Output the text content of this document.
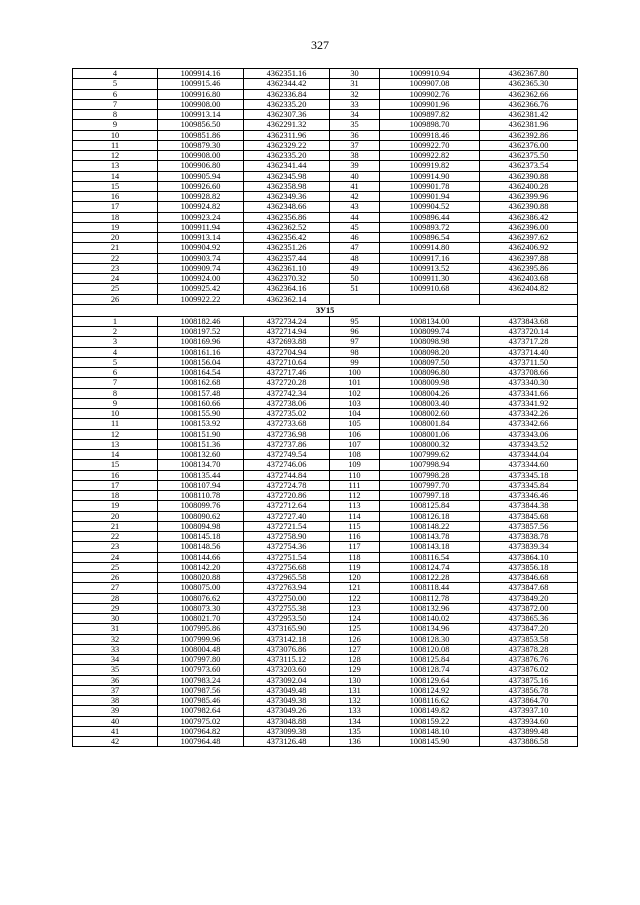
327
4	1009914.16	4362351.16	30	1009910.94	4362367.80
5	1009915.46	4362344.42	31	1009907.08	4362365.30
6	1009916.80	4362336.84	32	1009902.76	4362362.66
7	1009908.00	4362335.20	33	1009901.96	4362366.76
8	1009913.14	4362307.36	34	1009897.82	4362381.42
9	1009856.50	4362291.32	35	1009898.70	4362381.96
10	1009851.86	4362311.96	36	1009918.46	4362392.86
11	1009879.30	4362329.22	37	1009922.70	4362376.00
12	1009908.00	4362335.20	38	1009922.82	4362375.50
13	1009906.80	4362341.44	39	1009919.82	4362373.54
14	1009905.94	4362345.98	40	1009914.90	4362390.88
15	1009926.60	4362358.98	41	1009901.78	4362400.28
16	1009928.82	4362349.36	42	1009901.94	4362399.96
17	1009924.82	4362348.66	43	1009904.52	4362390.88
18	1009923.24	4362356.86	44	1009896.44	4362386.42
19	1009911.94	4362362.52	45	1009893.72	4362396.00
20	1009913.14	4362356.42	46	1009896.54	4362397.62
21	1009904.92	4362351.26	47	1009914.80	4362406.92
22	1009903.74	4362357.44	48	1009917.16	4362397.88
23	1009909.74	4362361.10	49	1009913.52	4362395.86
24	1009924.00	4362370.32	50	1009911.30	4362403.68
25	1009925.42	4362364.16	51	1009910.68	4362404.82
26	1009922.22	4362362.14			
ЗУ15					
1	1008182.46	4372734.24	95	1008134.00	4373843.68
2	1008197.52	4372714.94	96	1008099.74	4373720.14
3	1008169.96	4372693.88	97	1008098.98	4373717.28
4	1008161.16	4372704.94	98	1008098.20	4373714.40
5	1008156.04	4372710.64	99	1008097.50	4373711.50
6	1008164.54	4372717.46	100	1008096.80	4373708.66
7	1008162.68	4372720.28	101	1008009.98	4373340.30
8	1008157.48	4372742.34	102	1008004.26	4373341.66
9	1008160.66	4372738.06	103	1008003.40	4373341.92
10	1008155.90	4372735.02	104	1008002.60	4373342.26
11	1008153.92	4372733.68	105	1008001.84	4373342.66
12	1008151.90	4372736.98	106	1008001.06	4373343.06
13	1008151.36	4372737.86	107	1008000.32	4373343.52
14	1008132.60	4372749.54	108	1007999.62	4373344.04
15	1008134.70	4372746.06	109	1007998.94	4373344.60
16	1008135.44	4372744.84	110	1007998.28	4373345.18
17	1008107.94	4372724.78	111	1007997.70	4373345.84
18	1008110.78	4372720.86	112	1007997.18	4373346.46
19	1008099.76	4372712.64	113	1008125.84	4373844.38
20	1008090.62	4372727.40	114	1008126.18	4373845.68
21	1008094.98	4372721.54	115	1008148.22	4373857.56
22	1008145.18	4372758.90	116	1008143.78	4373838.78
23	1008148.56	4372754.36	117	1008143.18	4373839.34
24	1008144.66	4372751.54	118	1008116.54	4373864.10
25	1008142.20	4372756.68	119	1008124.74	4373856.18
26	1008020.88	4372965.58	120	1008122.28	4373846.68
27	1008075.00	4372763.94	121	1008118.44	4373847.68
28	1008076.62	4372750.00	122	1008112.78	4373849.20
29	1008073.30	4372755.38	123	1008132.96	4373872.00
30	1008021.70	4372953.50	124	1008140.02	4373865.36
31	1007995.86	4373165.90	125	1008134.96	4373847.20
32	1007999.96	4373142.18	126	1008128.30	4373853.58
33	1008004.48	4373076.86	127	1008120.08	4373878.28
34	1007997.80	4373115.12	128	1008125.84	4373876.76
35	1007973.60	4373203.60	129	1008128.74	4373876.02
36	1007983.24	4373092.04	130	1008129.64	4373875.16
37	1007987.56	4373049.48	131	1008124.92	4373856.78
38	1007985.46	4373049.38	132	1008116.62	4373864.70
39	1007982.64	4373049.26	133	1008149.82	4373937.10
40	1007975.02	4373048.88	134	1008159.22	4373934.60
41	1007964.82	4373099.38	135	1008148.10	4373899.48
42	1007964.48	4373126.48	136	1008145.90	4373886.58
